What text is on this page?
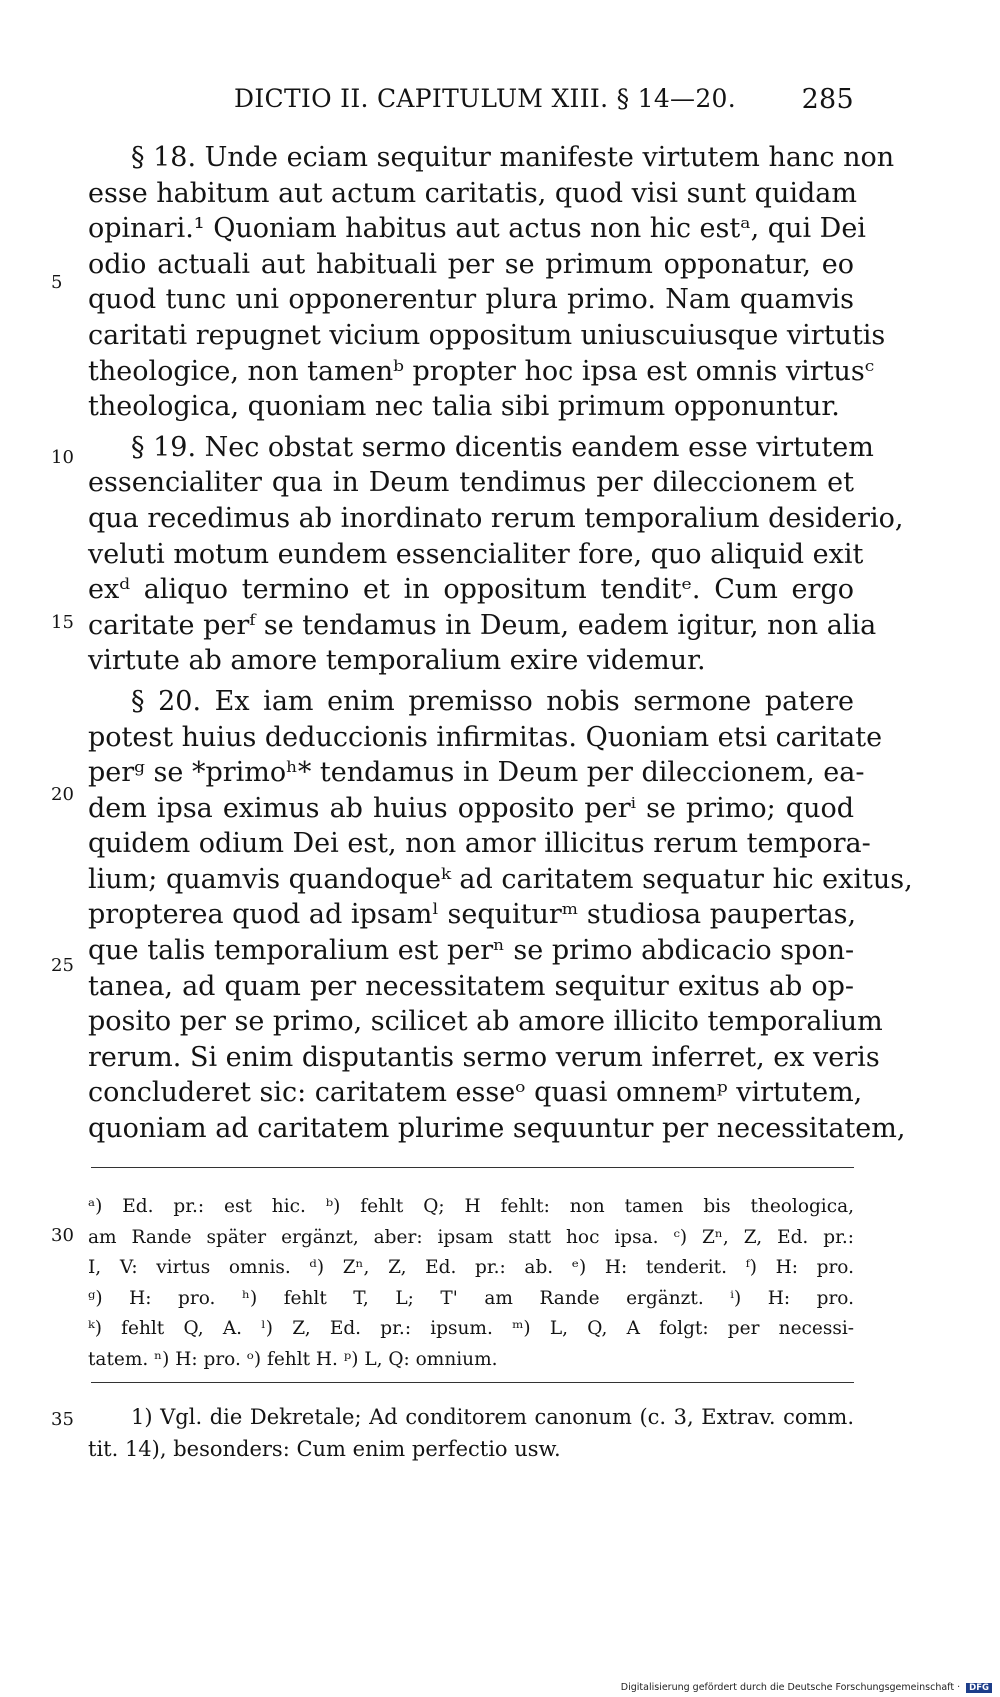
DICTIO II. CAPITULUM XIII. § 14—20. 285
5
10
15
20
25
30
35
§ 18. Unde eciam sequitur manifeste virtutem hanc non
esse habitum aut actum caritatis, quod visi sunt quidam
opinari.¹ Quoniam habitus aut actus non hic estᵃ, qui Dei
odio actuali aut habituali per se primum opponatur, eo
quod tunc uni opponerentur plura primo. Nam quamvis
caritati repugnet vicium oppositum uniuscuiusque virtutis
theologice, non tamenᵇ propter hoc ipsa est omnis virtusᶜ
theologica, quoniam nec talia sibi primum opponuntur.
§ 19. Nec obstat sermo dicentis eandem esse virtutem
essencialiter qua in Deum tendimus per dileccionem et
qua recedimus ab inordinato rerum temporalium desiderio,
veluti motum eundem essencialiter fore, quo aliquid exit
exᵈ aliquo termino et in oppositum tenditᵉ. Cum ergo
caritate perᶠ se tendamus in Deum, eadem igitur, non alia
virtute ab amore temporalium exire videmur.
§ 20. Ex iam enim premisso nobis sermone patere
potest huius deduccionis infirmitas. Quoniam etsi caritate
perᵍ se *primoʰ* tendamus in Deum per dileccionem, ea-
dem ipsa eximus ab huius opposito perⁱ se primo; quod
quidem odium Dei est, non amor illicitus rerum tempora-
lium; quamvis quandoqueᵏ ad caritatem sequatur hic exitus,
propterea quod ad ipsamˡ sequiturᵐ studiosa paupertas,
que talis temporalium est perⁿ se primo abdicacio spon-
tanea, ad quam per necessitatem sequitur exitus ab op-
posito per se primo, scilicet ab amore illicito temporalium
rerum. Si enim disputantis sermo verum inferret, ex veris
concluderet sic: caritatem esseᵒ quasi omnemᵖ virtutem,
quoniam ad caritatem plurime sequuntur per necessitatem,
ᵃ) Ed. pr.: est hic. ᵇ) fehlt Q; H fehlt: non tamen bis theologica,
am Rande später ergänzt, aber: ipsam statt hoc ipsa. ᶜ) Zⁿ, Z, Ed. pr.:
I, V: virtus omnis. ᵈ) Zⁿ, Z, Ed. pr.: ab. ᵉ) H: tenderit. ᶠ) H: pro.
ᵍ) H: pro. ʰ) fehlt T, L; T' am Rande ergänzt. ⁱ) H: pro.
ᵏ) fehlt Q, A. ˡ) Z, Ed. pr.: ipsum. ᵐ) L, Q, A folgt: per necessi-
tatem. ⁿ) H: pro. ᵒ) fehlt H. ᵖ) L, Q: omnium.
1) Vgl. die Dekretale; Ad conditorem canonum (c. 3, Extrav. comm.
tit. 14), besonders: Cum enim perfectio usw.
Digitalisierung gefördert durch die Deutsche Forschungsgemeinschaft · DFG
